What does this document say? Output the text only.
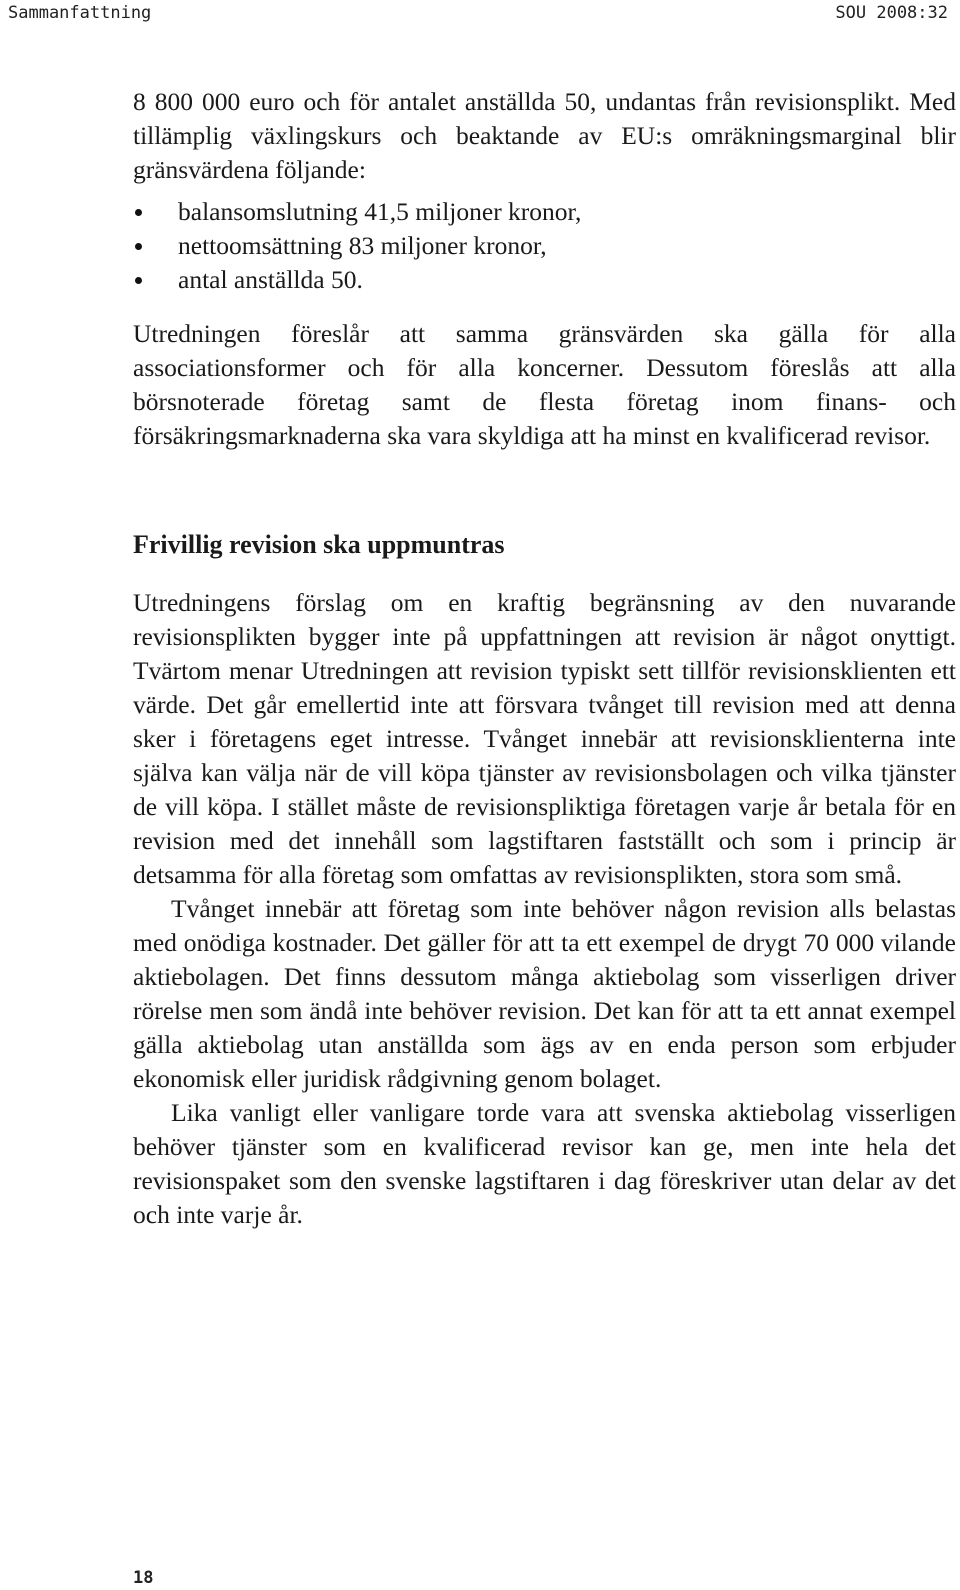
Sammanfattning	SOU 2008:32

8 800 000 euro och för antalet anställda 50, undantas från revisionsplikt. Med tillämplig växlingskurs och beaktande av EU:s omräkningsmarginal blir gränsvärdena följande:

balansomslutning 41,5 miljoner kronor,
nettoomsättning 83 miljoner kronor,
antal anställda 50.

Utredningen föreslår att samma gränsvärden ska gälla för alla associationsformer och för alla koncerner. Dessutom föreslås att alla börsnoterade företag samt de flesta företag inom finans- och försäkringsmarknaderna ska vara skyldiga att ha minst en kvalificerad revisor.

Frivillig revision ska uppmuntras

Utredningens förslag om en kraftig begränsning av den nuvarande revisionsplikten bygger inte på uppfattningen att revision är något onyttigt. Tvärtom menar Utredningen att revision typiskt sett tillför revisionsklienten ett värde. Det går emellertid inte att försvara tvånget till revision med att denna sker i företagens eget intresse. Tvånget innebär att revisionsklienterna inte själva kan välja när de vill köpa tjänster av revisionsbolagen och vilka tjänster de vill köpa. I stället måste de revisionspliktiga företagen varje år betala för en revision med det innehåll som lagstiftaren fastställt och som i princip är detsamma för alla företag som omfattas av revisionsplikten, stora som små.

Tvånget innebär att företag som inte behöver någon revision alls belastas med onödiga kostnader. Det gäller för att ta ett exempel de drygt 70 000 vilande aktiebolagen. Det finns dessutom många aktiebolag som visserligen driver rörelse men som ändå inte behöver revision. Det kan för att ta ett annat exempel gälla aktiebolag utan anställda som ägs av en enda person som erbjuder ekonomisk eller juridisk rådgivning genom bolaget.

Lika vanligt eller vanligare torde vara att svenska aktiebolag visserligen behöver tjänster som en kvalificerad revisor kan ge, men inte hela det revisionspaket som den svenske lagstiftaren i dag föreskriver utan delar av det och inte varje år.

18
